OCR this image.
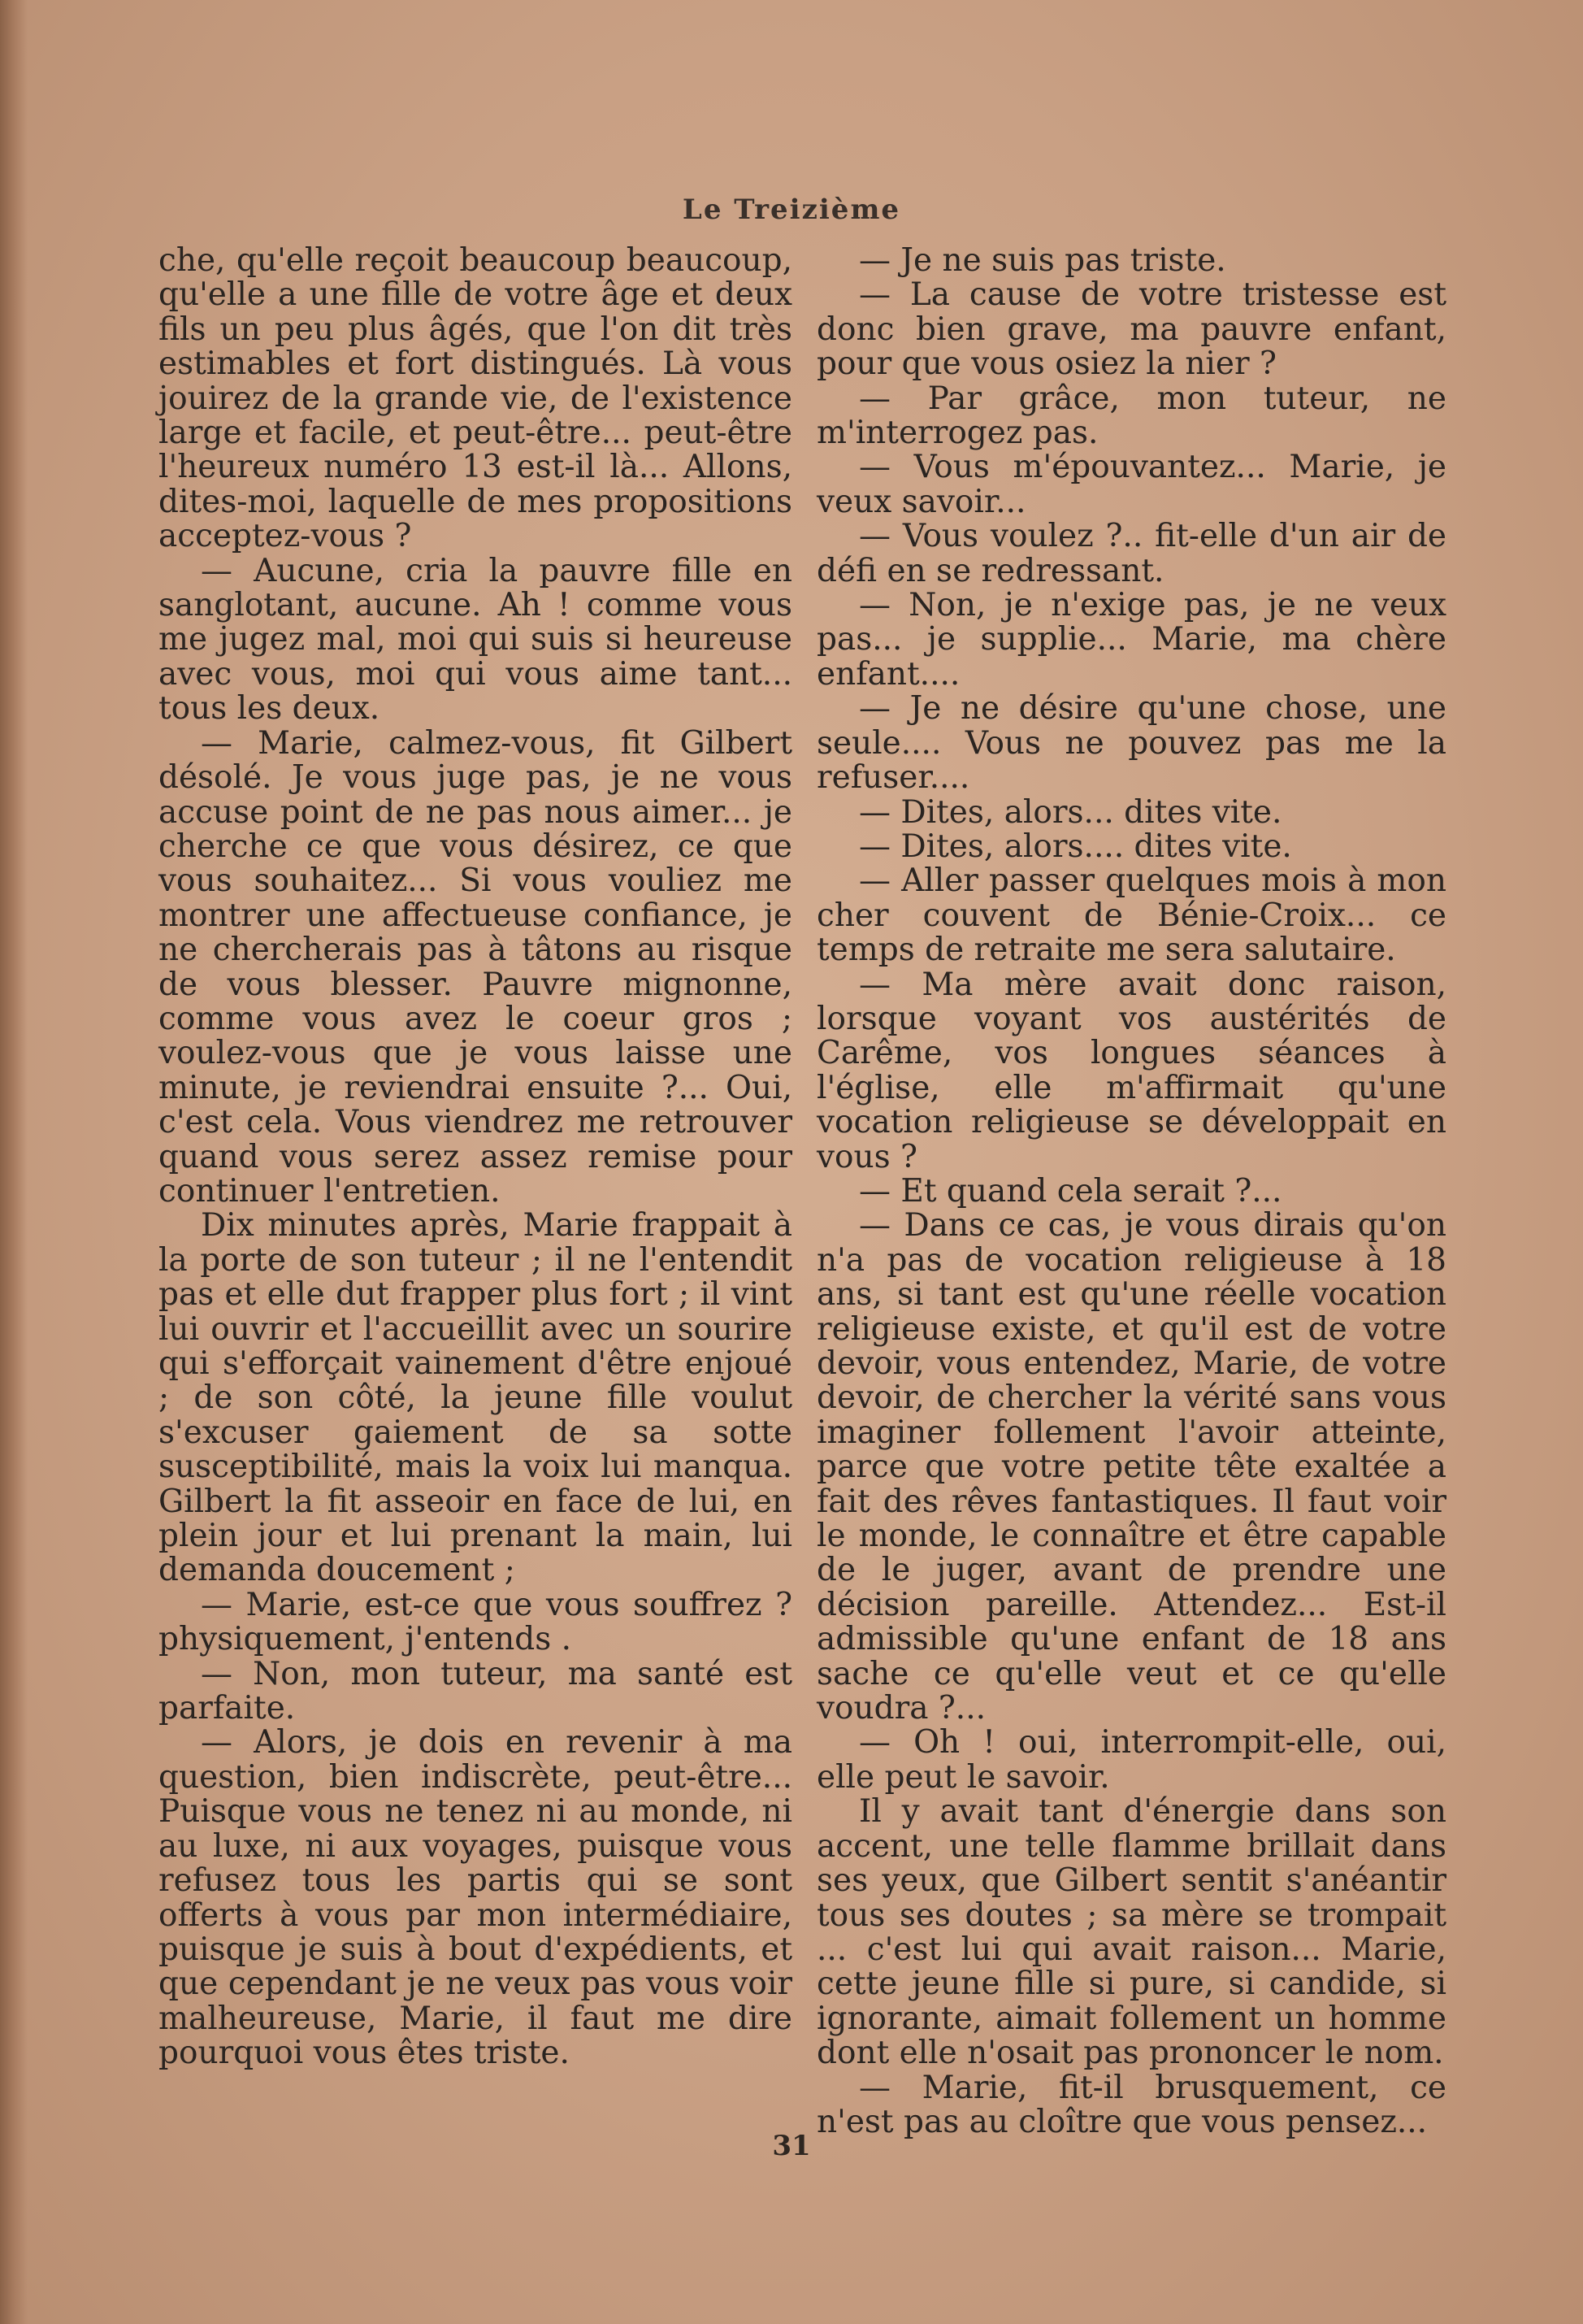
Le Treizième

che, qu'elle reçoit beaucoup beaucoup, qu'elle a une fille de votre âge et deux fils un peu plus âgés, que l'on dit très estimables et fort distingués. Là vous jouirez de la grande vie, de l'existence large et facile, et peut-être... peut-être l'heureux numéro 13 est-il là... Allons, dites-moi, laquelle de mes propositions acceptez-vous ?

— Aucune, cria la pauvre fille en sanglotant, aucune. Ah ! comme vous me jugez mal, moi qui suis si heureuse avec vous, moi qui vous aime tant... tous les deux.

— Marie, calmez-vous, fit Gilbert désolé. Je vous juge pas, je ne vous accuse point de ne pas nous aimer... je cherche ce que vous désirez, ce que vous souhaitez... Si vous vouliez me montrer une affectueuse confiance, je ne chercherais pas à tâtons au risque de vous blesser. Pauvre mignonne, comme vous avez le coeur gros ; voulez-vous que je vous laisse une minute, je reviendrai ensuite ?... Oui, c'est cela. Vous viendrez me retrouver quand vous serez assez remise pour continuer l'entretien.

Dix minutes après, Marie frappait à la porte de son tuteur ; il ne l'entendit pas et elle dut frapper plus fort ; il vint lui ouvrir et l'accueillit avec un sourire qui s'efforçait vainement d'être enjoué ; de son côté, la jeune fille voulut s'excuser gaiement de sa sotte susceptibilité, mais la voix lui manqua. Gilbert la fit asseoir en face de lui, en plein jour et lui prenant la main, lui demanda doucement ;

— Marie, est-ce que vous souffrez ? physiquement, j'entends .

— Non, mon tuteur, ma santé est parfaite.

— Alors, je dois en revenir à ma question, bien indiscrète, peut-être... Puisque vous ne tenez ni au monde, ni au luxe, ni aux voyages, puisque vous refusez tous les partis qui se sont offerts à vous par mon intermédiaire, puisque je suis à bout d'expédients, et que cependant je ne veux pas vous voir malheureuse, Marie, il faut me dire pourquoi vous êtes triste.

— Je ne suis pas triste.

— La cause de votre tristesse est donc bien grave, ma pauvre enfant, pour que vous osiez la nier ?

— Par grâce, mon tuteur, ne m'interrogez pas.

— Vous m'épouvantez... Marie, je veux savoir...

— Vous voulez ?.. fit-elle d'un air de défi en se redressant.

— Non, je n'exige pas, je ne veux pas... je supplie... Marie, ma chère enfant....

— Je ne désire qu'une chose, une seule.... Vous ne pouvez pas me la refuser....

— Dites, alors... dites vite.

— Dites, alors.... dites vite.

— Aller passer quelques mois à mon cher couvent de Bénie-Croix... ce temps de retraite me sera salutaire.

— Ma mère avait donc raison, lorsque voyant vos austérités de Carême, vos longues séances à l'église, elle m'affirmait qu'une vocation religieuse se développait en vous ?

— Et quand cela serait ?...

— Dans ce cas, je vous dirais qu'on n'a pas de vocation religieuse à 18 ans, si tant est qu'une réelle vocation religieuse existe, et qu'il est de votre devoir, vous entendez, Marie, de votre devoir, de chercher la vérité sans vous imaginer follement l'avoir atteinte, parce que votre petite tête exaltée a fait des rêves fantastiques. Il faut voir le monde, le connaître et être capable de le juger, avant de prendre une décision pareille. Attendez... Est-il admissible qu'une enfant de 18 ans sache ce qu'elle veut et ce qu'elle voudra ?...

— Oh ! oui, interrompit-elle, oui, elle peut le savoir.

Il y avait tant d'énergie dans son accent, une telle flamme brillait dans ses yeux, que Gilbert sentit s'anéantir tous ses doutes ; sa mère se trompait ... c'est lui qui avait raison... Marie, cette jeune fille si pure, si candide, si ignorante, aimait follement un homme dont elle n'osait pas prononcer le nom.

— Marie, fit-il brusquement, ce n'est pas au cloître que vous pensez...

31
